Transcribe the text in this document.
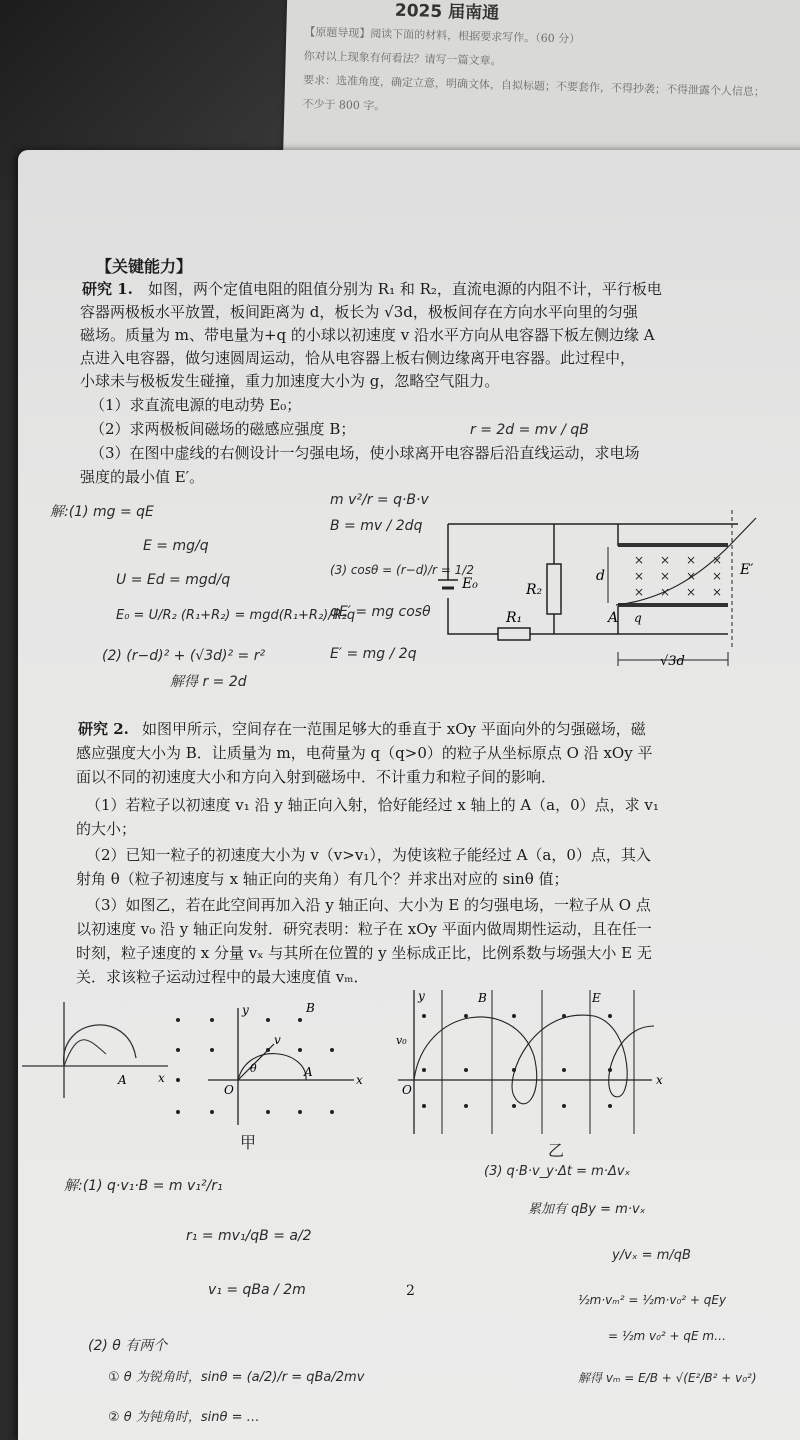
2025 届南通

【原题导现】阅读下面的材料，根据要求写作。（60 分）

你对以上现象有何看法？请写一篇文章。

要求：选准角度，确定立意，明确文体，自拟标题；不要套作，不得抄袭；不得泄露个人信息；

不少于 800 字。

【关键能力】
研究 1. 如图，两个定值电阻的阻值分别为 R₁ 和 R₂，直流电源的内阻不计，平行板电
容器两极板水平放置，板间距离为 d，板长为 √3d，极板间存在方向水平向里的匀强
磁场。质量为 m、带电量为+q 的小球以初速度 v 沿水平方向从电容器下板左侧边缘 A
点进入电容器，做匀速圆周运动，恰从电容器上板右侧边缘离开电容器。此过程中，
小球未与极板发生碰撞，重力加速度大小为 g，忽略空气阻力。
（1）求直流电源的电动势 E₀；
（2）求两极板间磁场的磁感应强度 B；
（3）在图中虚线的右侧设计一匀强电场，使小球离开电容器后沿直线运动，求电场
强度的最小值 E′。
r = 2d = mv / qB
解:(1) mg = qE
E = mg/q
U = Ed = mgd/q
E₀ = U/R₂ (R₁+R₂) = mgd(R₁+R₂)/R₂q
(2) (r−d)² + (√3d)² = r²
解得 r = 2d
m v²/r = q·B·v
B = mv / 2dq
(3) cosθ = (r−d)/r = 1/2
qE′ = mg cosθ
E′ = mg / 2q
× × × ×
× × × ×
× × × ×
E₀	R₂
R₁
d
A q
√3d
E′
研究 2. 如图甲所示，空间存在一范围足够大的垂直于 xOy 平面向外的匀强磁场，磁
感应强度大小为 B．让质量为 m，电荷量为 q（q>0）的粒子从坐标原点 O 沿 xOy 平
面以不同的初速度大小和方向入射到磁场中．不计重力和粒子间的影响．
（1）若粒子以初速度 v₁ 沿 y 轴正向入射，恰好能经过 x 轴上的 A（a，0）点，求 v₁
的大小；
（2）已知一粒子的初速度大小为 v（v>v₁），为使该粒子能经过 A（a，0）点，其入
射角 θ（粒子初速度与 x 轴正向的夹角）有几个？并求出对应的 sinθ 值；
（3）如图乙，若在此空间再加入沿 y 轴正向、大小为 E 的匀强电场，一粒子从 O 点
以初速度 v₀ 沿 y 轴正向发射．研究表明：粒子在 xOy 平面内做周期性运动，且在任一
时刻，粒子速度的 x 分量 vₓ 与其所在位置的 y 坐标成正比，比例系数与场强大小 E 无
关．求该粒子运动过程中的最大速度值 vₘ．
A	x
B
x
y
O
A
v
θ
甲
B	E
x
y
O
v₀
乙
解:(1) q·v₁·B = m v₁²/r₁
r₁ = mv₁/qB = a/2
v₁ = qBa / 2m
(2) θ 有两个
① θ 为锐角时，sinθ = (a/2)/r = qBa/2mv
② θ 为钝角时，sinθ = …
(3) q·B·v_y·Δt = m·Δvₓ
累加有 qBy = m·vₓ
y/vₓ = m/qB
½m·vₘ² = ½m·v₀² + qEy
= ½m v₀² + qE m…
解得 vₘ = E/B + √(E²/B² + v₀²)
2
